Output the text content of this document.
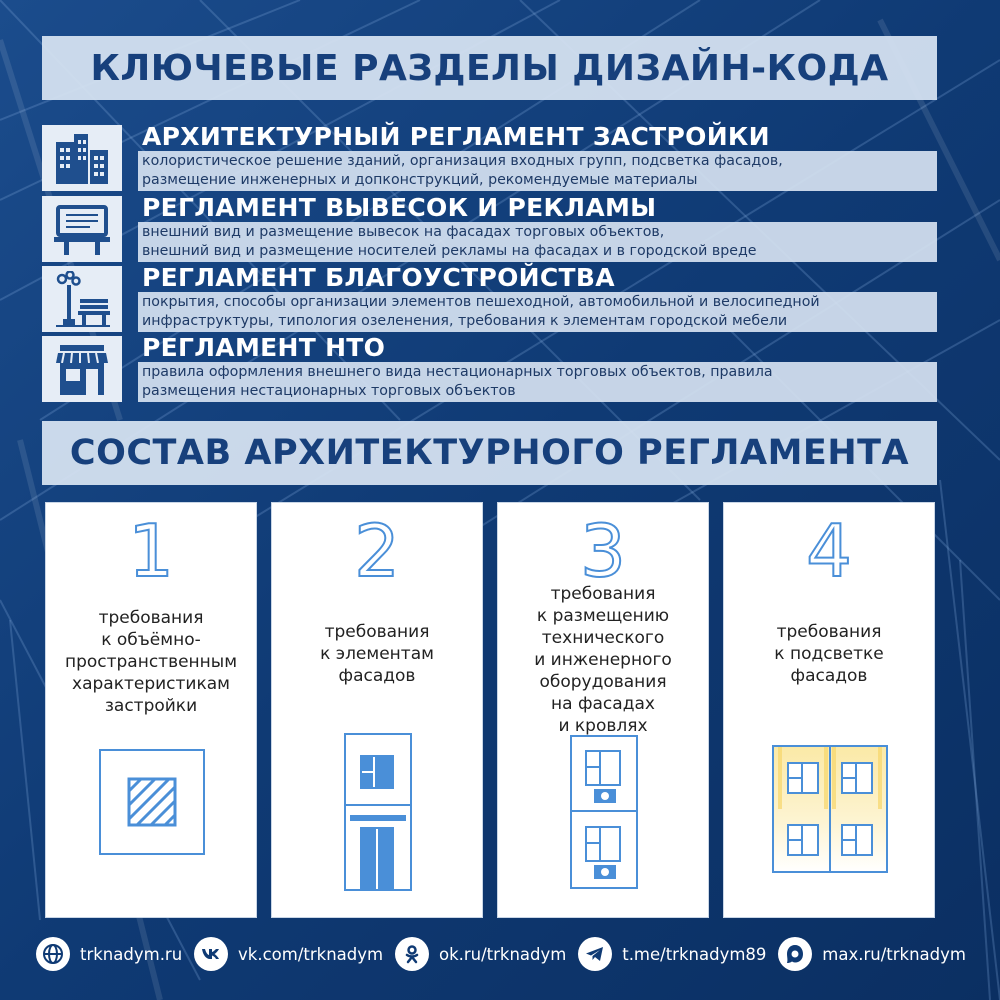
КЛЮЧЕВЫЕ РАЗДЕЛЫ ДИЗАЙН-КОДА
АРХИТЕКТУРНЫЙ РЕГЛАМЕНТ ЗАСТРОЙКИ
колористическое решение зданий, организация входных групп, подсветка фасадов,
размещение инженерных и допконструкций, рекомендуемые материалы
РЕГЛАМЕНТ ВЫВЕСОК И РЕКЛАМЫ
внешний вид и размещение вывесок на фасадах торговых объектов,
внешний вид и размещение носителей рекламы на фасадах и в городской вреде
РЕГЛАМЕНТ БЛАГОУСТРОЙСТВА
покрытия, способы организации элементов пешеходной, автомобильной и велосипедной
инфраструктуры, типология озеленения, требования к элементам городской мебели
РЕГЛАМЕНТ НТО
правила оформления внешнего вида нестационарных торговых объектов, правила
размещения нестационарных торговых объектов
СОСТАВ АРХИТЕКТУРНОГО РЕГЛАМЕНТА
1
требования
к объёмно-
пространственным
характеристикам
застройки
2
требования
к элементам
фасадов
3
требования
к размещению
технического
и инженерного
оборудования
на фасадах
и кровлях
4
требования
к подсветке
фасадов
trknadym.ru	vk.com/trknadym	ok.ru/trknadym	t.me/trknadym89	max.ru/trknadym
